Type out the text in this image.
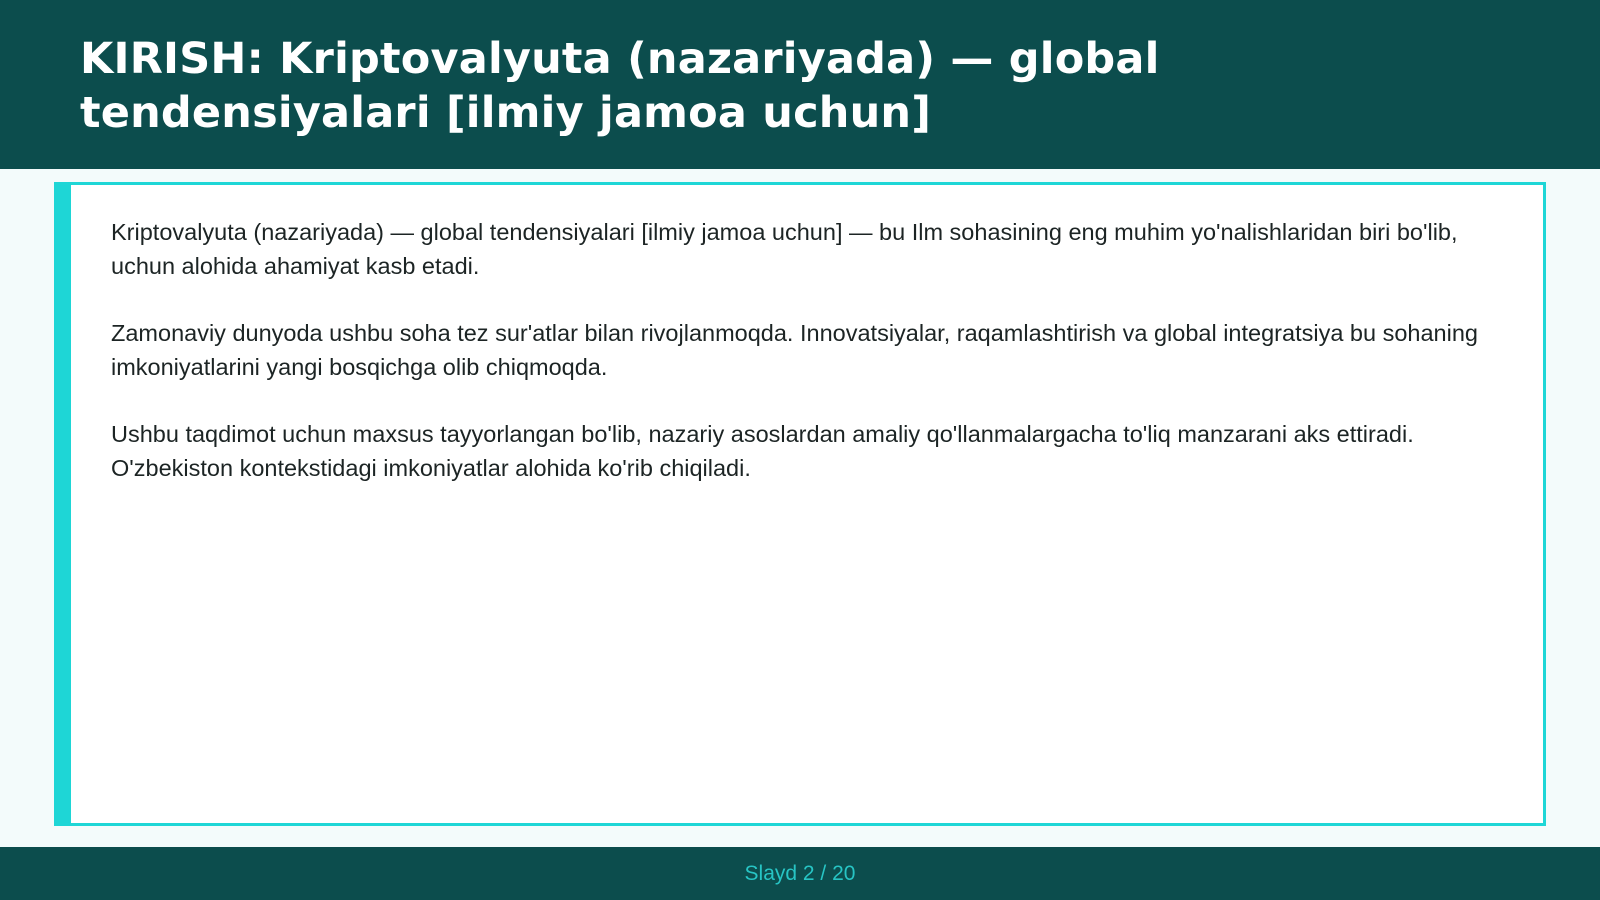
KIRISH: Kriptovalyuta (nazariyada) — global tendensiyalari [ilmiy jamoa uchun]

Kriptovalyuta (nazariyada) — global tendensiyalari [ilmiy jamoa uchun] — bu Ilm sohasining eng muhim yo'nalishlaridan biri bo'lib, uchun alohida ahamiyat kasb etadi.

Zamonaviy dunyoda ushbu soha tez sur'atlar bilan rivojlanmoqda. Innovatsiyalar, raqamlashtirish va global integratsiya bu sohaning imkoniyatlarini yangi bosqichga olib chiqmoqda.

Ushbu taqdimot uchun maxsus tayyorlangan bo'lib, nazariy asoslardan amaliy qo'llanmalargacha to'liq manzarani aks ettiradi. O'zbekiston kontekstidagi imkoniyatlar alohida ko'rib chiqiladi.

Slayd 2 / 20
